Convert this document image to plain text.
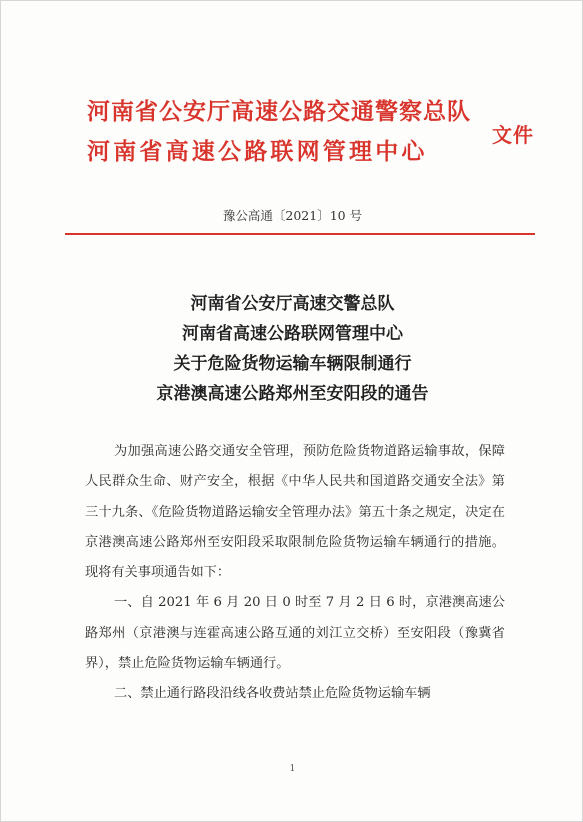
河南省公安厅高速公路交通警察总队
河南省高速公路联网管理中心
文件
豫公高通〔2021〕10 号
河南省公安厅高速交警总队
河南省高速公路联网管理中心
关于危险货物运输车辆限制通行
京港澳高速公路郑州至安阳段的通告

为加强高速公路交通安全管理，预防危险货物道路运输事故，保障人民群众生命、财产安全，根据《中华人民共和国道路交通安全法》第三十九条、《危险货物道路运输安全管理办法》第五十条之规定，决定在京港澳高速公路郑州至安阳段采取限制危险货物运输车辆通行的措施。现将有关事项通告如下：

一、自 2021 年 6 月 20 日 0 时至 7 月 2 日 6 时，京港澳高速公路郑州（京港澳与连霍高速公路互通的刘江立交桥）至安阳段（豫冀省界），禁止危险货物运输车辆通行。

二、禁止通行路段沿线各收费站禁止危险货物运输车辆

1
